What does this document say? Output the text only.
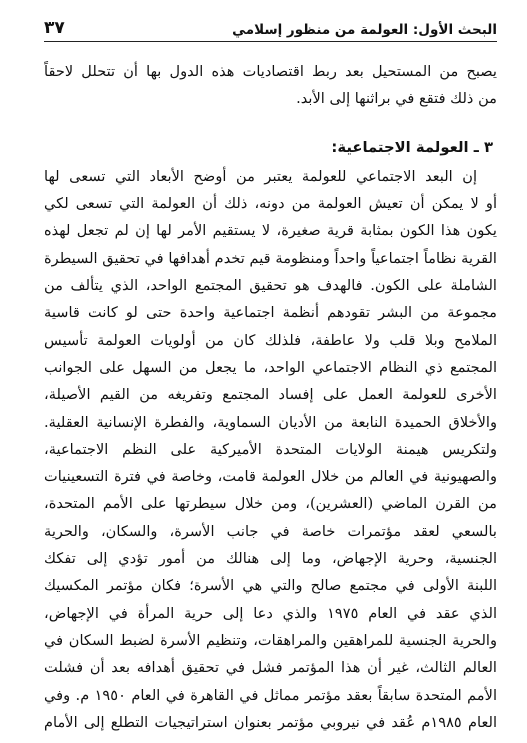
البحث الأول: العولمة من منظور إسلامي
٣٧
يصبح من المستحيل بعد ربط اقتصاديات هذه الدول بها أن تتحلل لاحقاً
من ذلك فتقع في براثنها إلى الأبد.
٣ ـ العولمة الاجتماعية:
إن البعد الاجتماعي للعولمة يعتبر من أوضح الأبعاد التي تسعى لها
أو لا يمكن أن تعيش العولمة من دونه، ذلك أن العولمة التي تسعى لكي
يكون هذا الكون بمثابة قرية صغيرة، لا يستقيم الأمر لها إن لم تجعل لهذه
القرية نظاماً اجتماعياً واحداً ومنظومة قيم تخدم أهدافها في تحقيق السيطرة
الشاملة على الكون. فالهدف هو تحقيق المجتمع الواحد، الذي يتألف من
مجموعة من البشر تقودهم أنظمة اجتماعية واحدة حتى لو كانت قاسية
الملامح وبلا قلب ولا عاطفة، فلذلك كان من أولويات العولمة تأسيس
المجتمع ذي النظام الاجتماعي الواحد، ما يجعل من السهل على الجوانب
الأخرى للعولمة العمل على إفساد المجتمع وتفريغه من القيم الأصيلة،
والأخلاق الحميدة النابعة من الأديان السماوية، والفطرة الإنسانية العقلية.
ولتكريس هيمنة الولايات المتحدة الأميركية على النظم الاجتماعية،
والصهيونية في العالم من خلال العولمة قامت، وخاصة في فترة التسعينيات
من القرن الماضي (العشرين)، ومن خلال سيطرتها على الأمم المتحدة،
بالسعي لعقد مؤتمرات خاصة في جانب الأسرة، والسكان، والحرية
الجنسية، وحرية الإجهاض، وما إلى هنالك من أمور تؤدي إلى تفكك
اللبنة الأولى في مجتمع صالح والتي هي الأسرة؛ فكان مؤتمر المكسيك
الذي عقد في العام ١٩٧٥ والذي دعا إلى حرية المرأة في الإجهاض،
والحرية الجنسية للمراهقين والمراهقات، وتنظيم الأسرة لضبط السكان في
العالم الثالث، غير أن هذا المؤتمر فشل في تحقيق أهدافه بعد أن فشلت
الأمم المتحدة سابقاً بعقد مؤتمر مماثل في القاهرة في العام ١٩٥٠ م. وفي
العام ١٩٨٥م عُقد في نيروبي مؤتمر بعنوان استراتيجيات التطلع إلى الأمام
